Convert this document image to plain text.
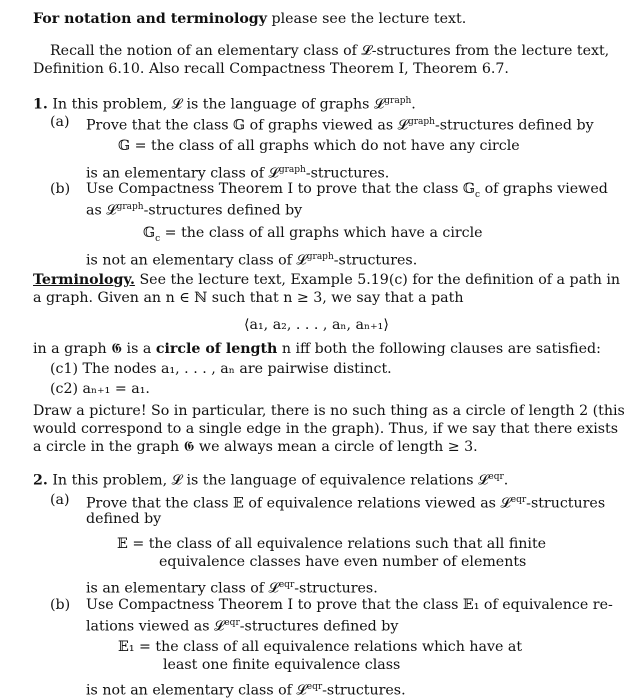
For notation and terminology please see the lecture text.
Recall the notion of an elementary class of 𝓛-structures from the lecture text,
Definition 6.10. Also recall Compactness Theorem I, Theorem 6.7.
1. In this problem, 𝓛 is the language of graphs 𝓛$^{graph}$.
(a) Prove that the class 𝔾 of graphs viewed as 𝓛$^{graph}$-structures defined by
𝔾 = the class of all graphs which do not have any circle
is an elementary class of 𝓛$^{graph}$-structures.
(b) Use Compactness Theorem I to prove that the class 𝔾$_c$ of graphs viewed
as 𝓛$^{graph}$-structures defined by
𝔾$_c$ = the class of all graphs which have a circle
is not an elementary class of 𝓛$^{graph}$-structures.
Terminology. See the lecture text, Example 5.19(c) for the definition of a path in
a graph. Given an n ∈ ℕ such that n ≥ 3, we say that a path
⟨a₁, a₂, . . . , aₙ, aₙ₊₁⟩
in a graph 𝕲 is a circle of length n iff both the following clauses are satisfied:
(c1) The nodes a₁, . . . , aₙ are pairwise distinct.
(c2) aₙ₊₁ = a₁.
Draw a picture! So in particular, there is no such thing as a circle of length 2 (this
would correspond to a single edge in the graph). Thus, if we say that there exists
a circle in the graph 𝕲 we always mean a circle of length ≥ 3.
2. In this problem, 𝓛 is the language of equivalence relations 𝓛$^{eqr}$.
(a) Prove that the class 𝔼 of equivalence relations viewed as 𝓛$^{eqr}$-structures
defined by
𝔼 = the class of all equivalence relations such that all finite
equivalence classes have even number of elements
is an elementary class of 𝓛$^{eqr}$-structures.
(b) Use Compactness Theorem I to prove that the class 𝔼₁ of equivalence re-
lations viewed as 𝓛$^{eqr}$-structures defined by
𝔼₁ = the class of all equivalence relations which have at
least one finite equivalence class
is not an elementary class of 𝓛$^{eqr}$-structures.
